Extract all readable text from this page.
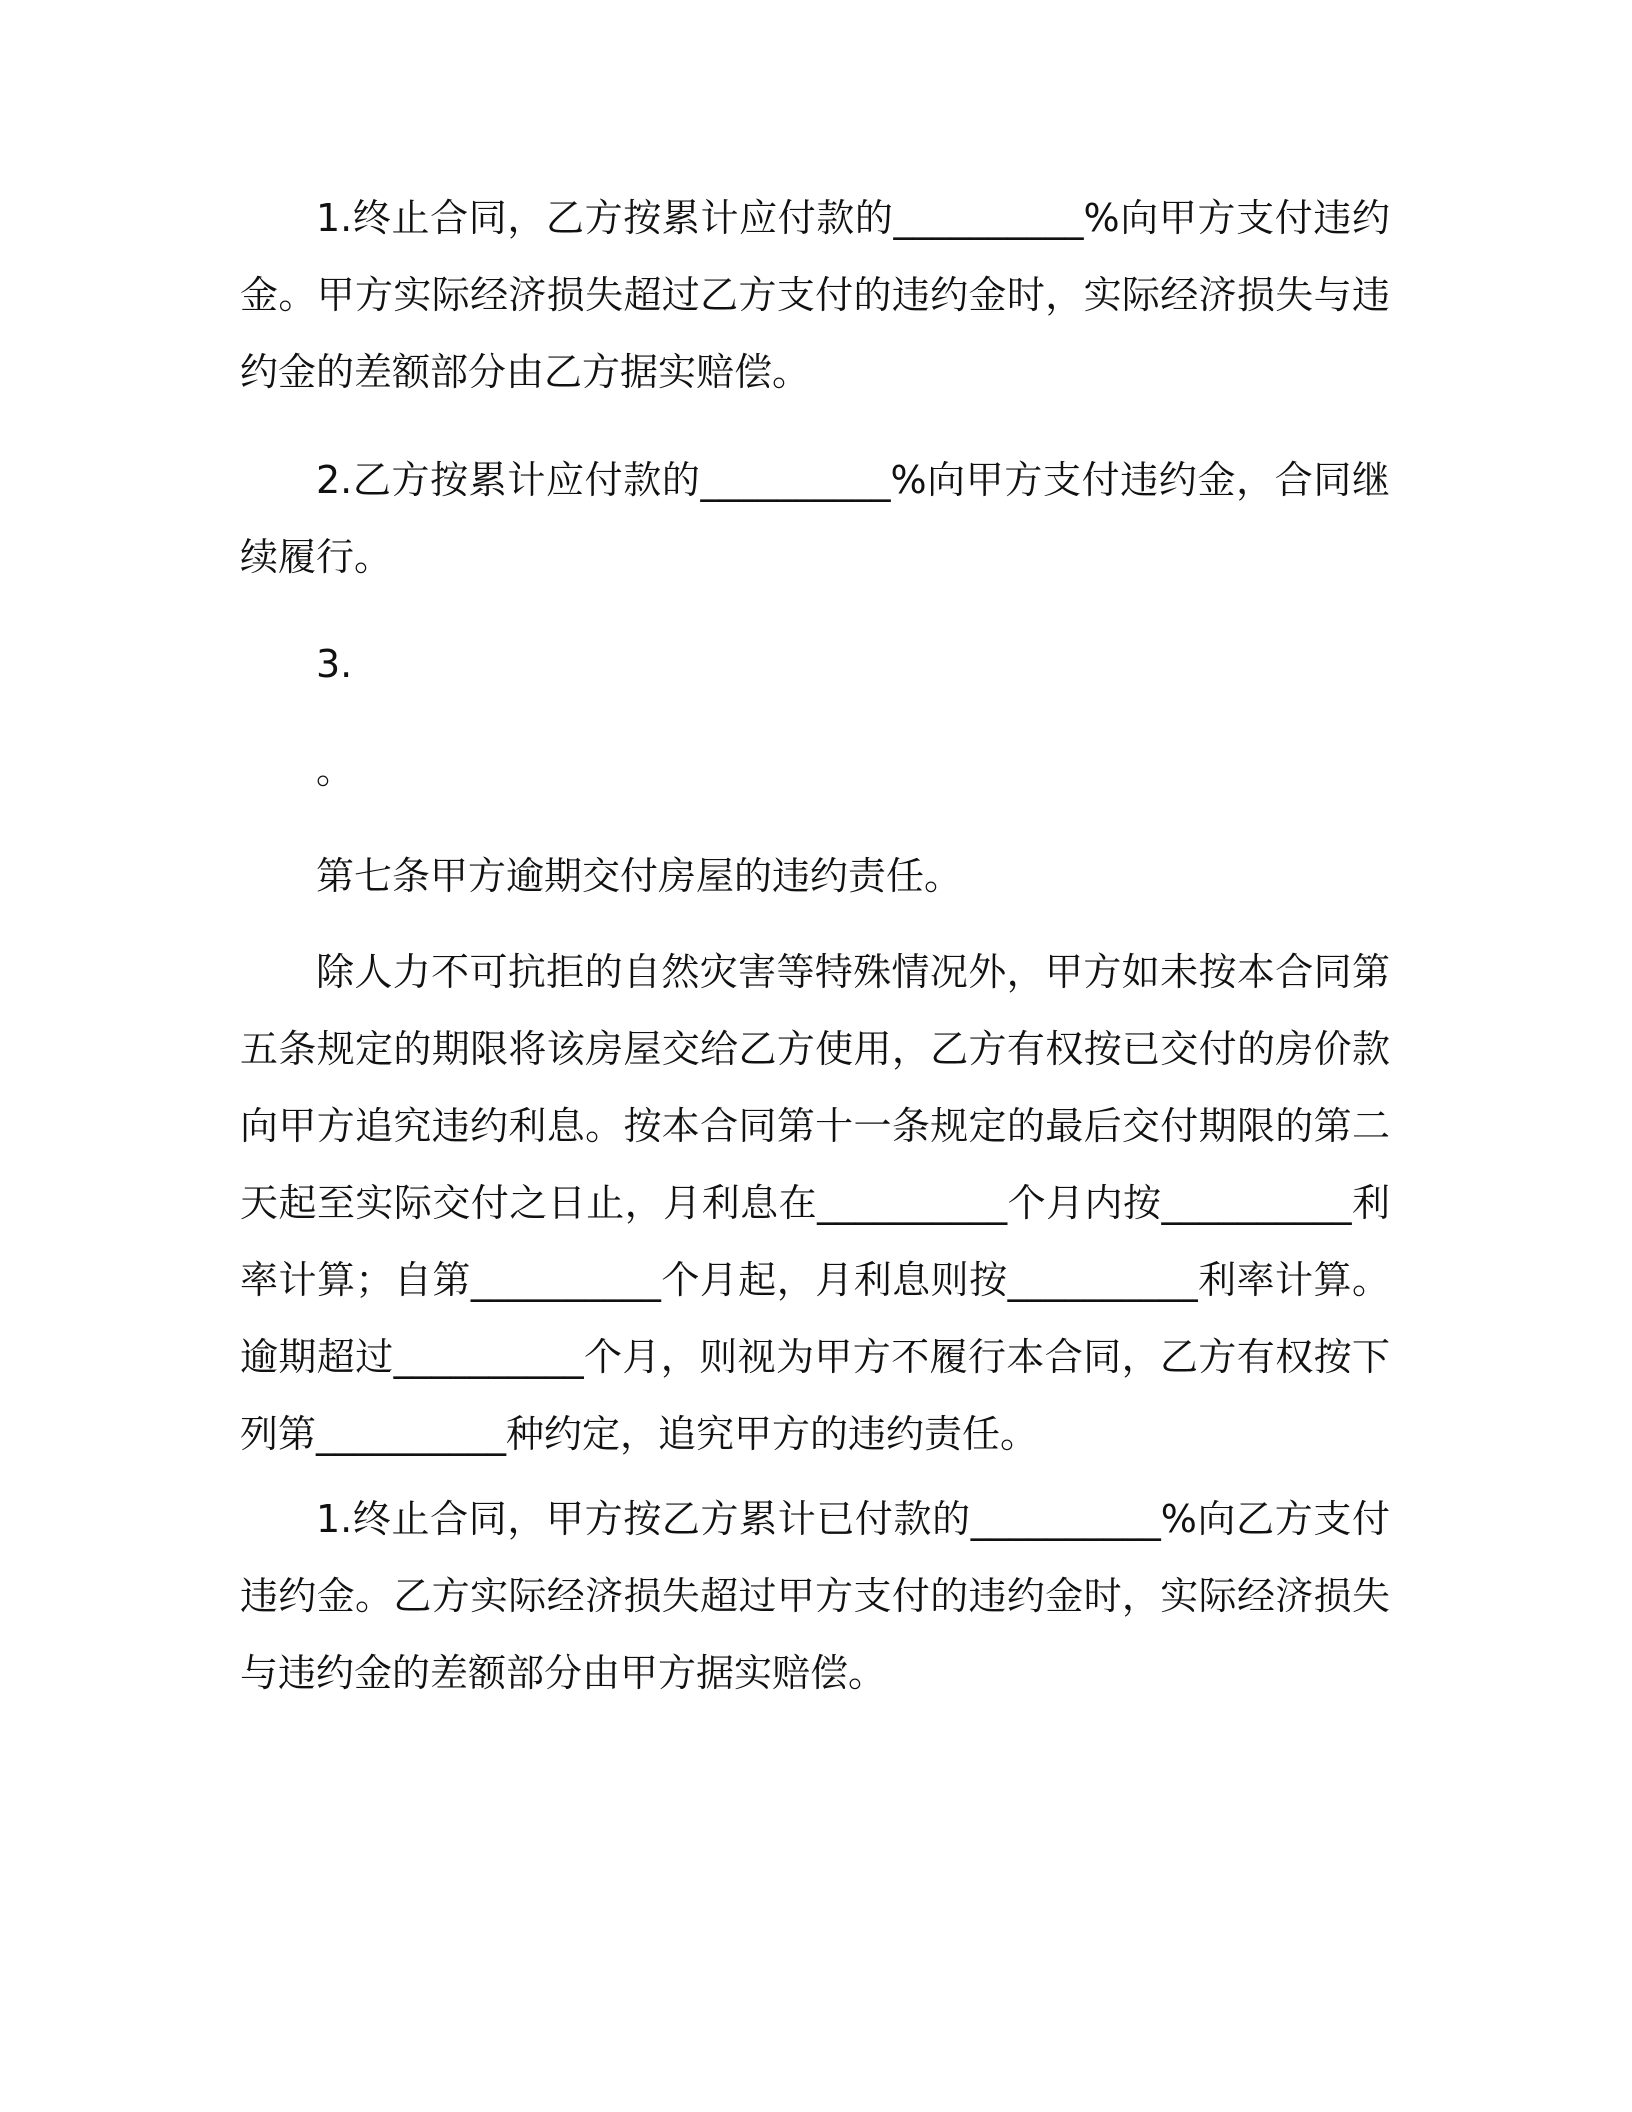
1.终止合同，乙方按累计应付款的__________%向甲方支付违约金。甲方实际经济损失超过乙方支付的违约金时，实际经济损失与违约金的差额部分由乙方据实赔偿。

2.乙方按累计应付款的__________%向甲方支付违约金，合同继续履行。

3.

。

第七条甲方逾期交付房屋的违约责任。

除人力不可抗拒的自然灾害等特殊情况外，甲方如未按本合同第五条规定的期限将该房屋交给乙方使用，乙方有权按已交付的房价款向甲方追究违约利息。按本合同第十一条规定的最后交付期限的第二天起至实际交付之日止，月利息在__________个月内按__________利率计算；自第__________个月起，月利息则按__________利率计算。逾期超过__________个月，则视为甲方不履行本合同，乙方有权按下列第__________种约定，追究甲方的违约责任。

1.终止合同，甲方按乙方累计已付款的__________%向乙方支付违约金。乙方实际经济损失超过甲方支付的违约金时，实际经济损失与违约金的差额部分由甲方据实赔偿。
